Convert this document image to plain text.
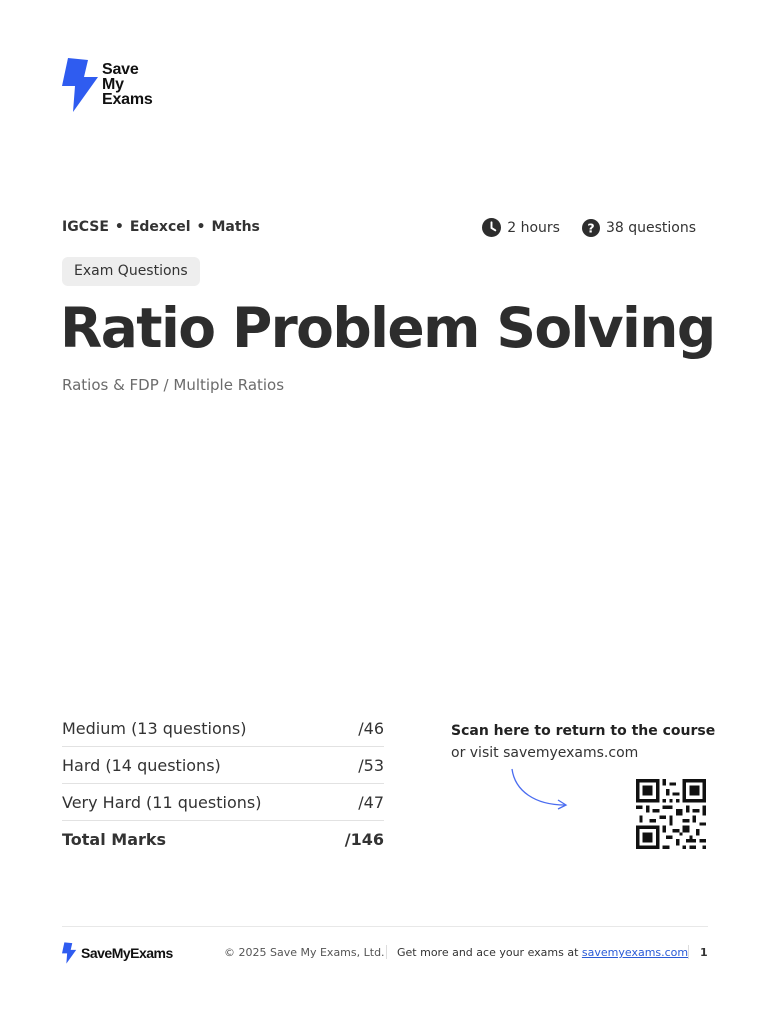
Save
My
Exams
IGCSE • Edexcel • Maths	2 hours ? 38 questions
Exam Questions
Ratio Problem Solving
Ratios & FDP / Multiple Ratios
Medium (13 questions)	/46
Hard (14 questions)	/53
Very Hard (11 questions)	/47
Total Marks	/146
Scan here to return to the course
or visit savemyexams.com
SaveMyExams	© 2025 Save My Exams, Ltd. Get more and ace your exams at savemyexams.com 1
